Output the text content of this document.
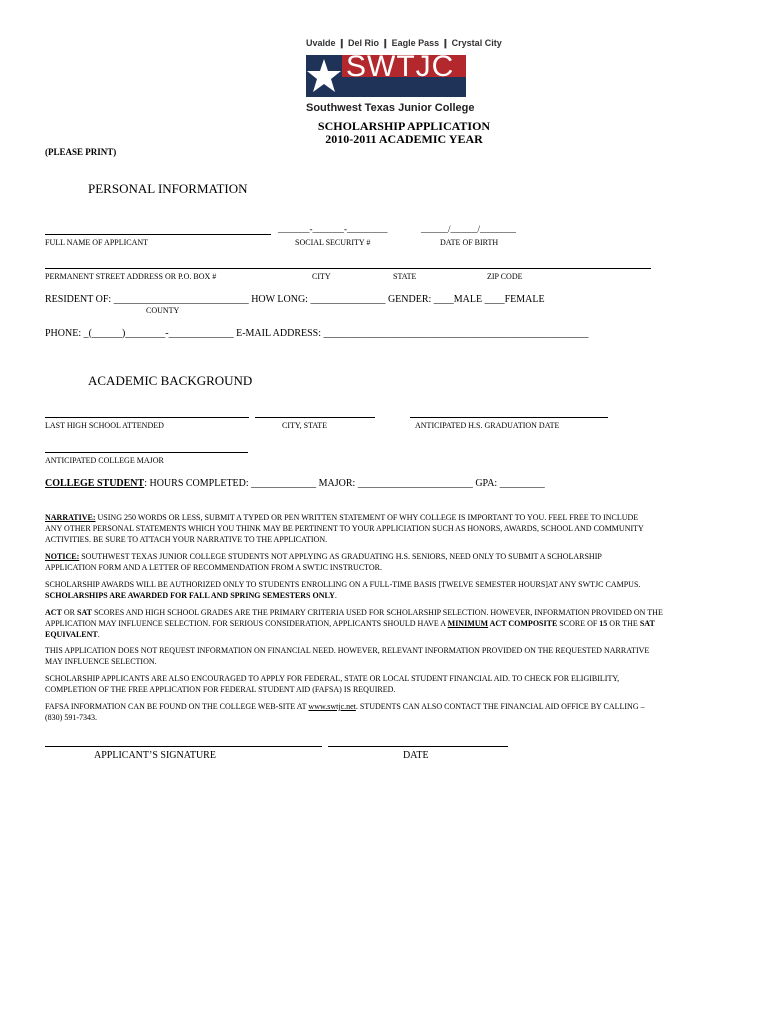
Uvalde ❙ Del Rio ❙ Eagle Pass ❙ Crystal City
SWTJC
Southwest Texas Junior College
SCHOLARSHIP APPLICATION
2010-2011 ACADEMIC YEAR
(PLEASE PRINT)
PERSONAL INFORMATION
_______-_______-_________	______/______/________
FULL NAME OF APPLICANT	SOCIAL SECURITY #	DATE OF BIRTH
PERMANENT STREET ADDRESS OR P.O. BOX #	CITY	STATE	ZIP CODE
RESIDENT OF: ___________________________ HOW LONG: _______________ GENDER: ____MALE ____FEMALE
COUNTY
PHONE: _(______)________-_____________ E-MAIL ADDRESS: _____________________________________________________
ACADEMIC BACKGROUND
LAST HIGH SCHOOL ATTENDED	CITY, STATE	ANTICIPATED H.S. GRADUATION DATE
ANTICIPATED COLLEGE MAJOR
COLLEGE STUDENT: HOURS COMPLETED: _____________ MAJOR: _______________________ GPA: _________
NARRATIVE: USING 250 WORDS OR LESS, SUBMIT A TYPED OR PEN WRITTEN STATEMENT OF WHY COLLEGE IS IMPORTANT TO YOU. FEEL FREE TO INCLUDE ANY OTHER PERSONAL STATEMENTS WHICH YOU THINK MAY BE PERTINENT TO YOUR APPLICIATION SUCH AS HONORS, AWARDS, SCHOOL AND COMMUNITY ACTIVITIES. BE SURE TO ATTACH YOUR NARRATIVE TO THE APPLICATION.
NOTICE: SOUTHWEST TEXAS JUNIOR COLLEGE STUDENTS NOT APPLYING AS GRADUATING H.S. SENIORS, NEED ONLY TO SUBMIT A SCHOLARSHIP APPLICATION FORM AND A LETTER OF RECOMMENDATION FROM A SWTJC INSTRUCTOR.
SCHOLARSHIP AWARDS WILL BE AUTHORIZED ONLY TO STUDENTS ENROLLING ON A FULL-TIME BASIS [TWELVE SEMESTER HOURS]AT ANY SWTJC CAMPUS. SCHOLARSHIPS ARE AWARDED FOR FALL AND SPRING SEMESTERS ONLY.
ACT OR SAT SCORES AND HIGH SCHOOL GRADES ARE THE PRIMARY CRITERIA USED FOR SCHOLARSHIP SELECTION. HOWEVER, INFORMATION PROVIDED ON THE APPLICATION MAY INFLUENCE SELECTION. FOR SERIOUS CONSIDERATION, APPLICANTS SHOULD HAVE A MINIMUM ACT COMPOSITE SCORE OF 15 OR THE SAT EQUIVALENT.
THIS APPLICATION DOES NOT REQUEST INFORMATION ON FINANCIAL NEED. HOWEVER, RELEVANT INFORMATION PROVIDED ON THE REQUESTED NARRATIVE MAY INFLUENCE SELECTION.
SCHOLARSHIP APPLICANTS ARE ALSO ENCOURAGED TO APPLY FOR FEDERAL, STATE OR LOCAL STUDENT FINANCIAL AID. TO CHECK FOR ELIGIBILITY, COMPLETION OF THE FREE APPLICATION FOR FEDERAL STUDENT AID (FAFSA) IS REQUIRED.
FAFSA INFORMATION CAN BE FOUND ON THE COLLEGE WEB-SITE AT www.swtjc.net. STUDENTS CAN ALSO CONTACT THE FINANCIAL AID OFFICE BY CALLING – (830) 591-7343.
APPLICANT’S SIGNATURE	DATE
